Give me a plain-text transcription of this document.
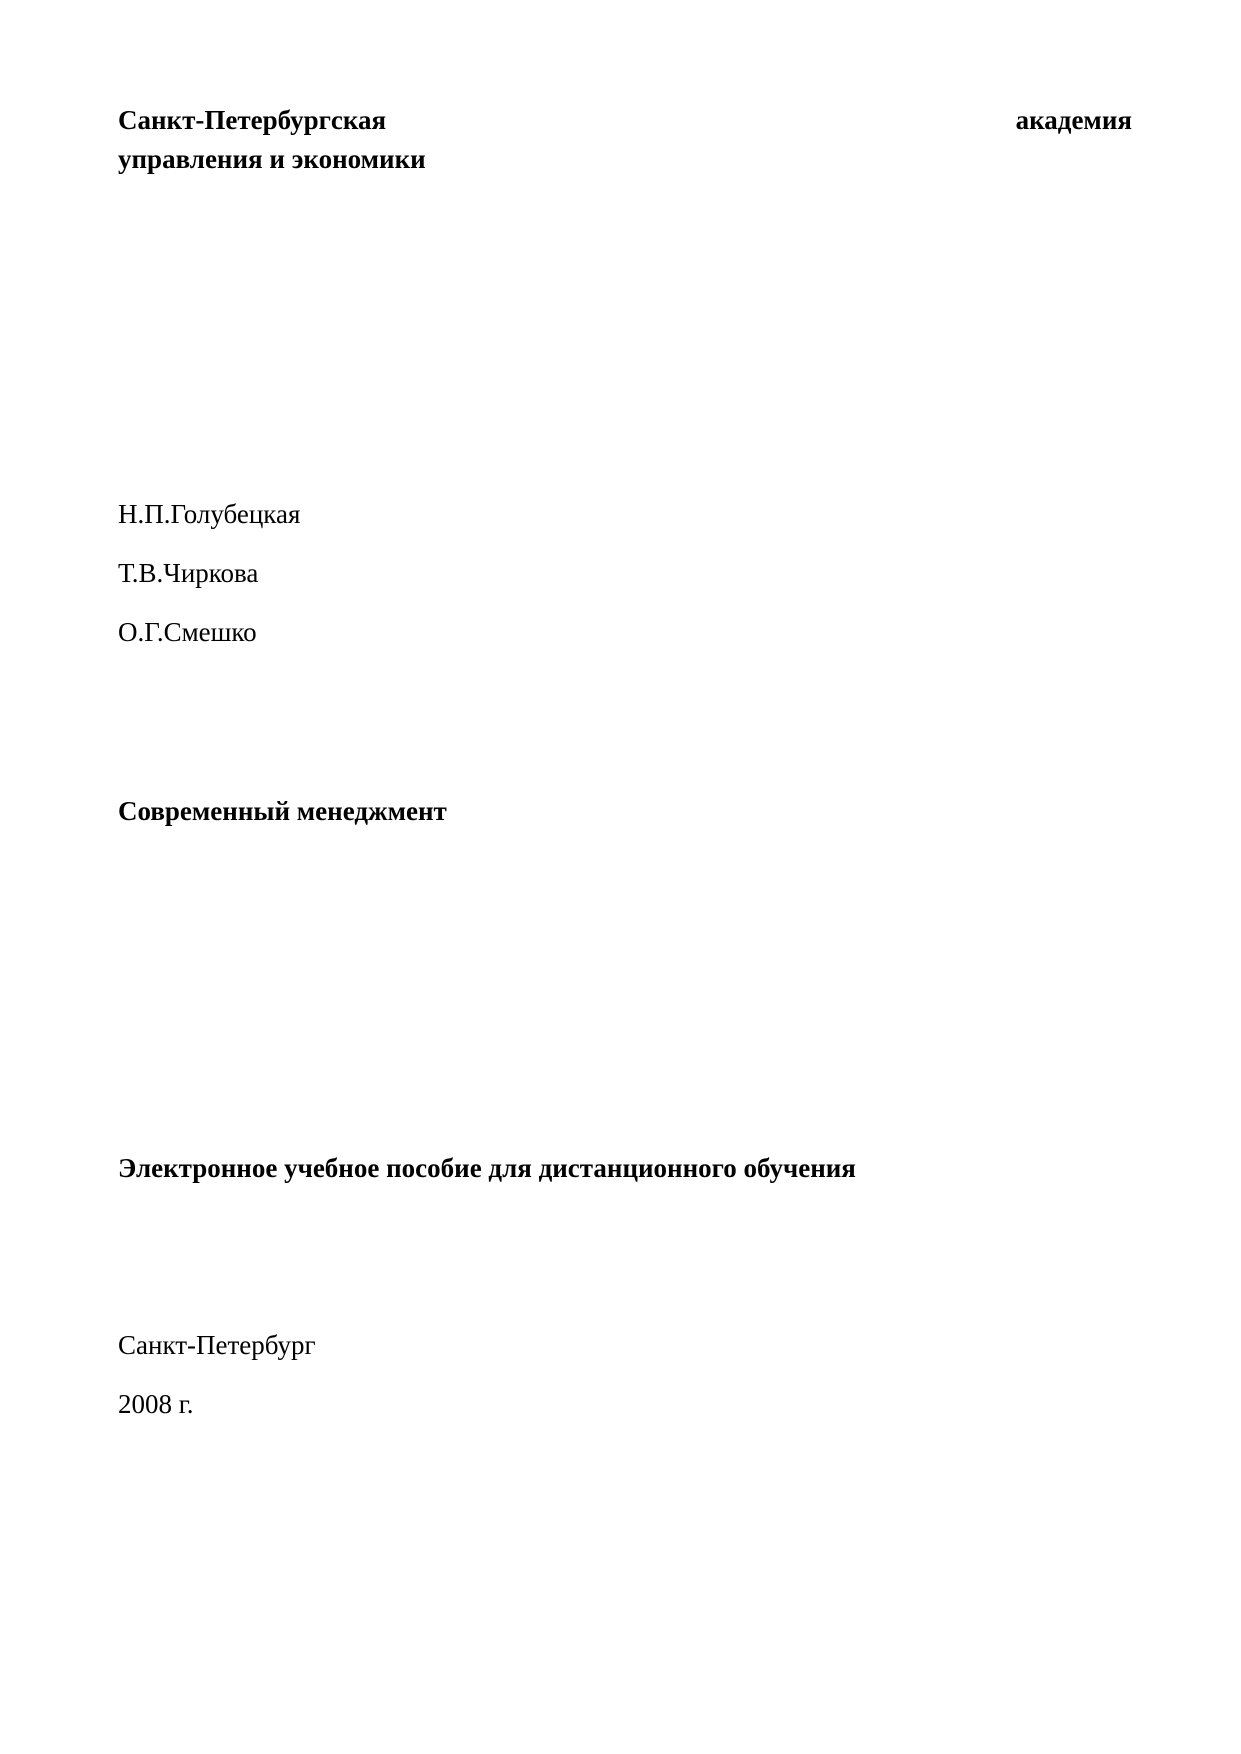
Санкт-Петербургская	академия
управления и экономики
Н.П.Голубецкая
Т.В.Чиркова
О.Г.Смешко
Современный менеджмент
Электронное учебное пособие для дистанционного обучения
Санкт-Петербург
2008 г.
